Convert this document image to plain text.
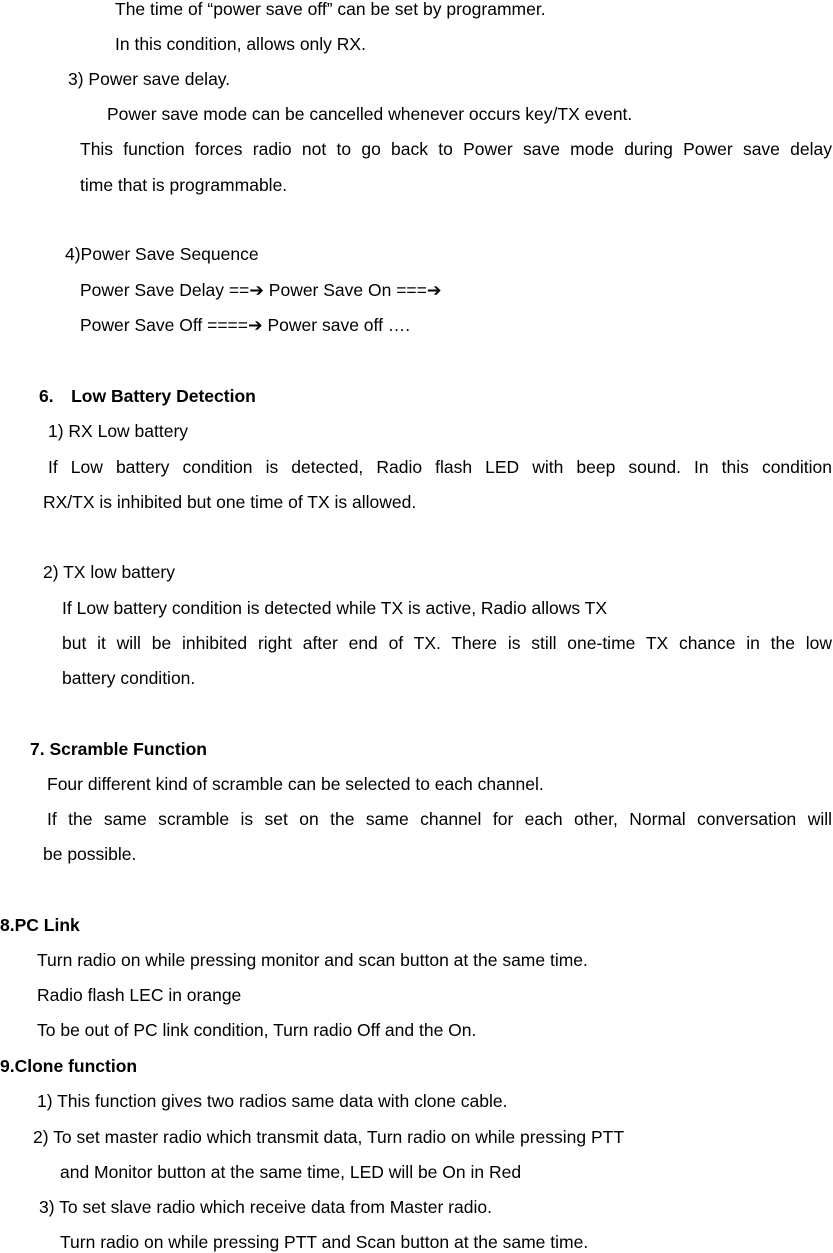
The time of “power save off” can be set by programmer.
In this condition, allows only RX.
3) Power save delay.
Power save mode can be cancelled whenever occurs key/TX event.
This function forces radio not to go back to Power save mode during Power save delay
time that is programmable.
4)Power Save Sequence
Power Save Delay ==➔ Power Save On ===➔
Power Save Off ====➔ Power save off ….
6. Low Battery Detection
1) RX Low battery
If Low battery condition is detected, Radio flash LED with beep sound. In this condition
RX/TX is inhibited but one time of TX is allowed.
2) TX low battery
If Low battery condition is detected while TX is active, Radio allows TX
but it will be inhibited right after end of TX. There is still one-time TX chance in the low
battery condition.
7. Scramble Function
Four different kind of scramble can be selected to each channel.
If the same scramble is set on the same channel for each other, Normal conversation will
be possible.
8.PC Link
Turn radio on while pressing monitor and scan button at the same time.
Radio flash LEC in orange
To be out of PC link condition, Turn radio Off and the On.
9.Clone function
1) This function gives two radios same data with clone cable.
2) To set master radio which transmit data, Turn radio on while pressing PTT
and Monitor button at the same time, LED will be On in Red
3) To set slave radio which receive data from Master radio.
Turn radio on while pressing PTT and Scan button at the same time.
